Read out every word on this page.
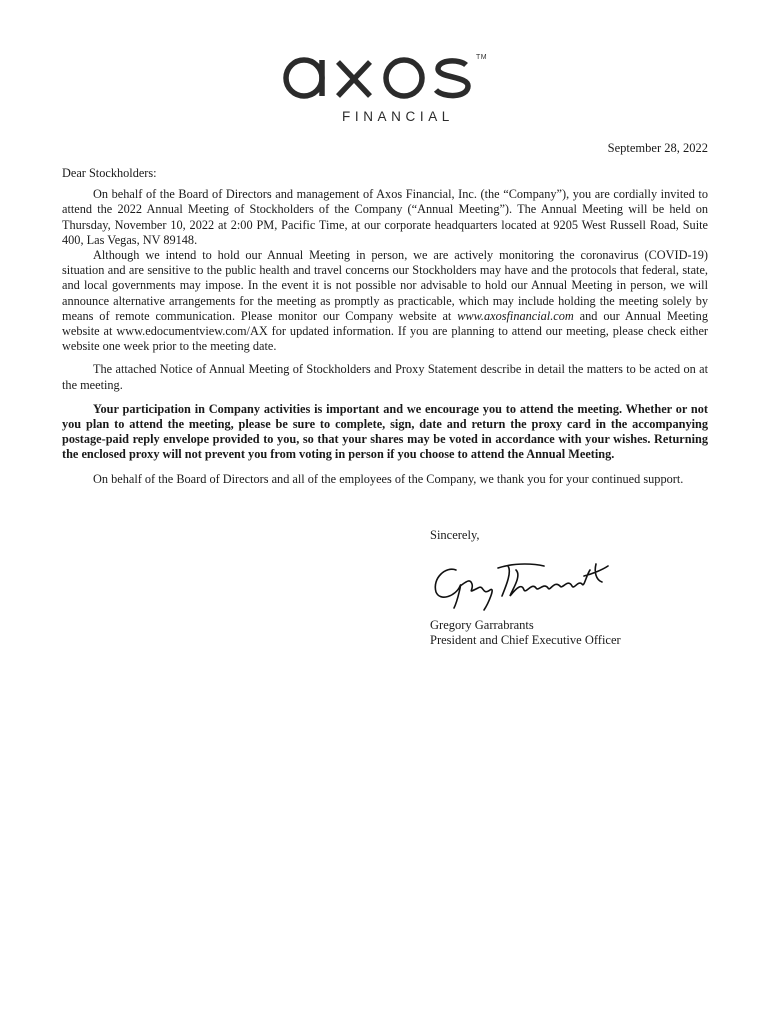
TM
FINANCIAL
September 28, 2022

Dear Stockholders:

On behalf of the Board of Directors and management of Axos Financial, Inc. (the “Company”), you are cordially invited to attend the 2022 Annual Meeting of Stockholders of the Company (“Annual Meeting”). The Annual Meeting will be held on Thursday, November 10, 2022 at 2:00 PM, Pacific Time, at our corporate headquarters located at 9205 West Russell Road, Suite 400, Las Vegas, NV 89148.

Although we intend to hold our Annual Meeting in person, we are actively monitoring the coronavirus (COVID-19) situation and are sensitive to the public health and travel concerns our Stockholders may have and the protocols that federal, state, and local governments may impose. In the event it is not possible nor advisable to hold our Annual Meeting in person, we will announce alternative arrangements for the meeting as promptly as practicable, which may include holding the meeting solely by means of remote communication. Please monitor our Company website at www.axosfinancial.com and our Annual Meeting website at www.edocumentview.com/AX for updated information. If you are planning to attend our meeting, please check either website one week prior to the meeting date.

The attached Notice of Annual Meeting of Stockholders and Proxy Statement describe in detail the matters to be acted on at the meeting.

Your participation in Company activities is important and we encourage you to attend the meeting. Whether or not you plan to attend the meeting, please be sure to complete, sign, date and return the proxy card in the accompanying postage-paid reply envelope provided to you, so that your shares may be voted in accordance with your wishes. Returning the enclosed proxy will not prevent you from voting in person if you choose to attend the Annual Meeting.

On behalf of the Board of Directors and all of the employees of the Company, we thank you for your continued support.

Sincerely,
Gregory Garrabrants
President and Chief Executive Officer
